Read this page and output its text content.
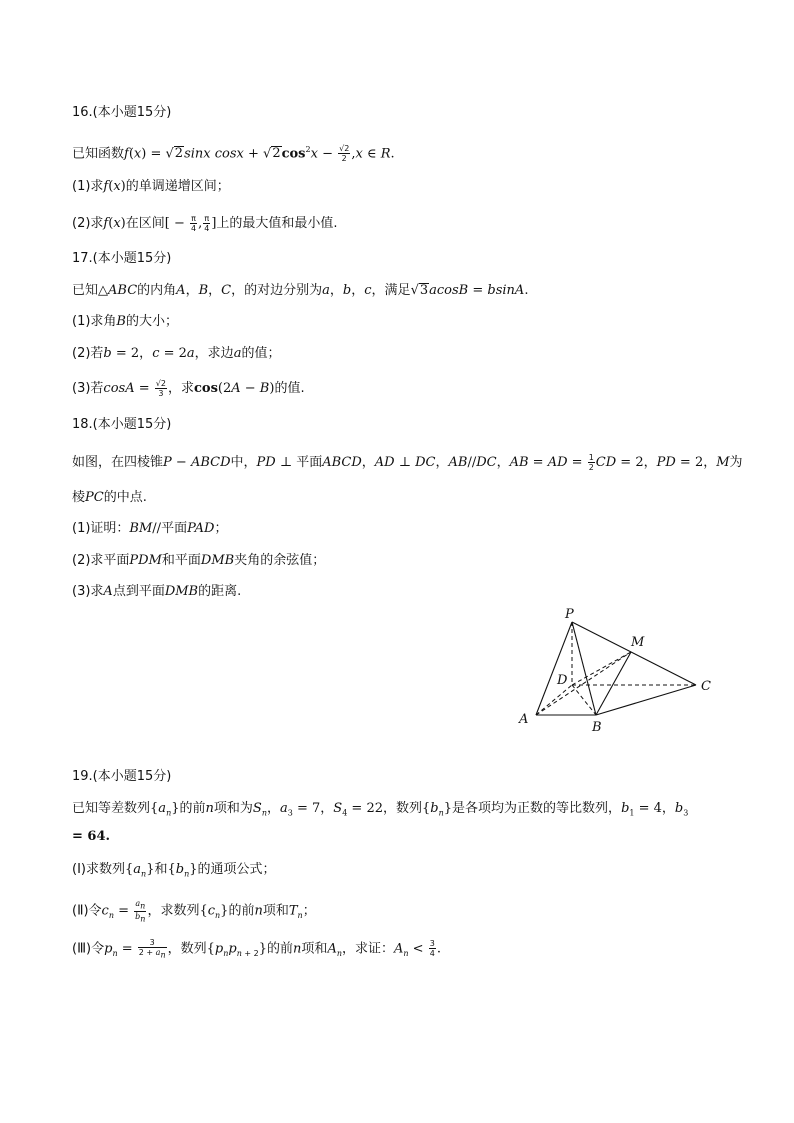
16.(本小题15分)
已知函数f(x) = √2sinx $\cos x + √2\cos^2x - \frac{√2}{2} ,x$ ∈ R.
(1)求f(x)的单调递增区间；
(2)求f(x)在区间[ − $\frac{\pi}{4}$ , $\frac{\pi}{4}$ ]上的最大值和最小值.
17.(本小题15分)
已知△ABC的内角A，B，C，的对边分别为a，b，c，满足√3acosB = bsinA.
(1)求角B的大小；
(2)若b = 2，c = 2a，求边a的值；
(3)若$\cos A = \frac{√2}{3}$ ，求cos(2A − B)的值.
18.(本小题15分)
如图，在四棱锥P − ABCD中，PD ⊥ 平面ABCD，AD ⊥ DC，AB//DC，AB = AD = $\frac{1}{2}$ CD = 2，PD = 2，M为
棱PC的中点.
(1)证明：BM//平面PAD；
(2)求平面PDM和平面DMB夹角的余弦值；
(3)求A点到平面DMB的距离.
P
M
D	C
A
B
19.(本小题15分)
已知等差数列$\{a_n\}$的前n项和为$S_n$，$a_3 = 7$，$S_4 = 22$，数列$\{b_n\}$是各项均为正数的等比数列，$b_1 = 4$，$b_3$
= 64.
(Ⅰ)求数列$\{a_n\}$和$\{b_n\}$的通项公式；
(Ⅱ)令$c_n = \frac{a_n}{b_n}$ ，求数列$\{c_n\}$的前n项和$T_n$；
(Ⅲ)令$p_n = \frac{3}{2 + a_n}$ ，数列$\{p_np_{n + 2}\}$的前n项和$A_n$，求证：$A_n < \frac{3}{4}$ .
